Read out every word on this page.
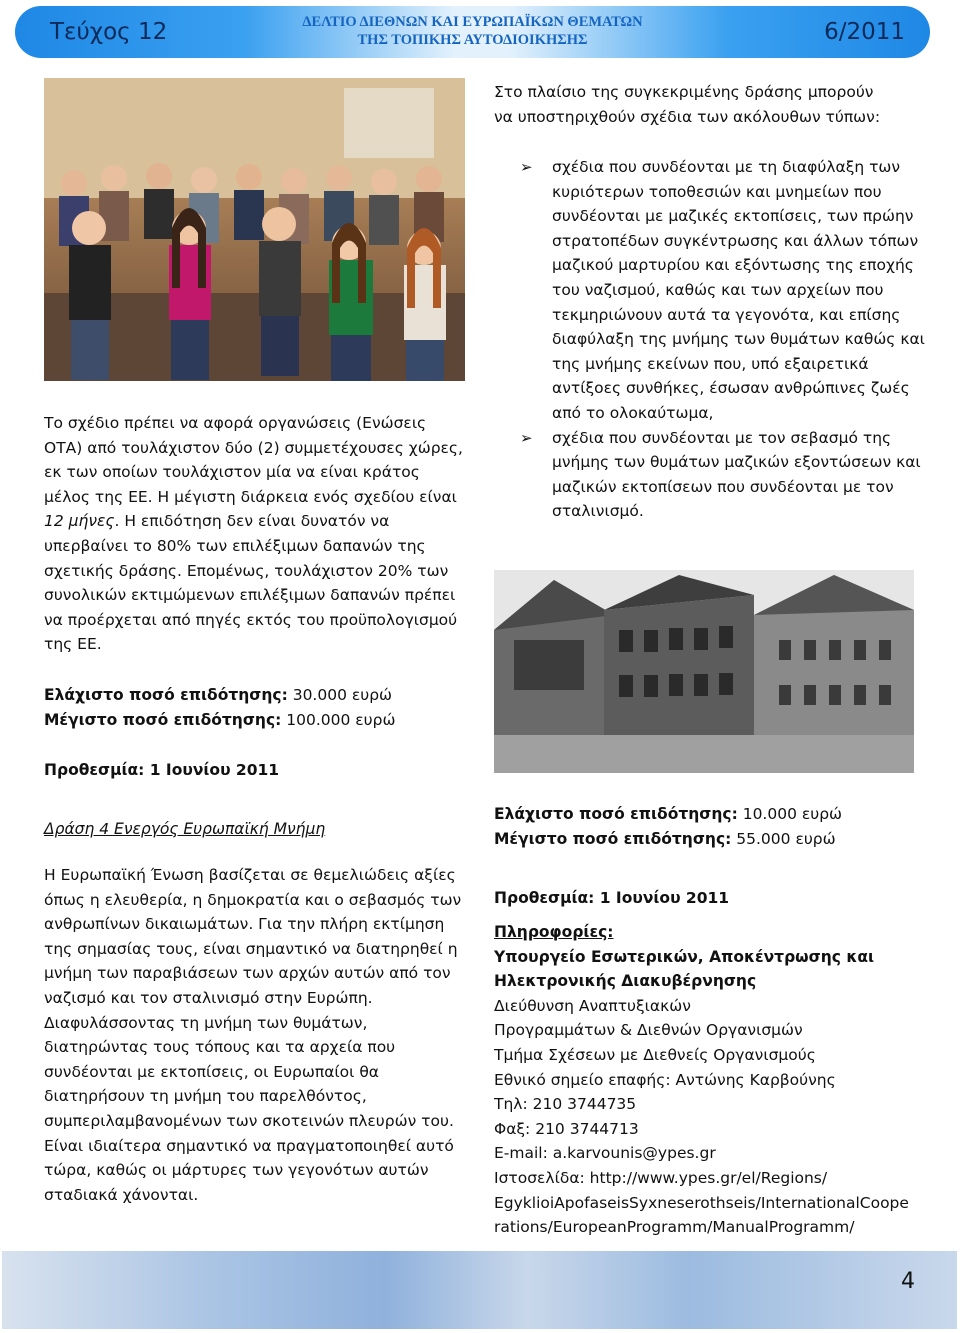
Τεύχος 12	ΔΕΛΤΙΟ ΔΙΕΘΝΩΝ ΚΑΙ ΕΥΡΩΠΑΪΚΩΝ ΘΕΜΑΤΩΝ
ΤΗΣ ΤΟΠΙΚΗΣ ΑΥΤΟΔΙΟΙΚΗΣΗΣ	6/2011

Στο πλαίσιο της συγκεκριμένης δράσης μπορούν

να υποστηριχθούν σχέδια των ακόλουθων τύπων:

➢ σχέδια που συνδέονται με τη διαφύλαξη των κυριότερων τοποθεσιών και μνημείων που συνδέονται με μαζικές εκτοπίσεις, των πρώην στρατοπέδων συγκέντρωσης και άλλων τόπων μαζικού μαρτυρίου και εξόντωσης της εποχής του ναζισμού, καθώς και των αρχείων που τεκμηριώνουν αυτά τα γεγονότα, και επίσης διαφύλαξη της μνήμης των θυμάτων καθώς και της μνήμης εκείνων που, υπό εξαιρετικά αντίξοες συνθήκες, έσωσαν ανθρώπινες ζωές από το ολοκαύτωμα,
➢ σχέδια που συνδέονται με τον σεβασμό της μνήμης των θυμάτων μαζικών εξοντώσεων και μαζικών εκτοπίσεων που συνδέονται με τον σταλινισμό.

Το σχέδιο πρέπει να αφορά οργανώσεις (Ενώσεις ΟΤΑ) από τουλάχιστον δύο (2) συμμετέχουσες χώρες, εκ των οποίων τουλάχιστον μία να είναι κράτος μέλος της ΕΕ. Η μέγιστη διάρκεια ενός σχεδίου είναι 12 μήνες. Η επιδότηση δεν είναι δυνατόν να υπερβαίνει το 80% των επιλέξιμων δαπανών της σχετικής δράσης. Επομένως, τουλάχιστον 20% των συνολικών εκτιμώμενων επιλέξιμων δαπανών πρέπει να προέρχεται από πηγές εκτός του προϋπολογισμού της ΕΕ.

Ελάχιστο ποσό επιδότησης: 30.000 ευρώ

Μέγιστο ποσό επιδότησης: 100.000 ευρώ

Προθεσμία: 1 Ιουνίου 2011

Ελάχιστο ποσό επιδότησης: 10.000 ευρώ

Μέγιστο ποσό επιδότησης: 55.000 ευρώ

Προθεσμία: 1 Ιουνίου 2011
Δράση 4 Ενεργός Ευρωπαϊκή Μνήμη
Η Ευρωπαϊκή Ένωση βασίζεται σε θεμελιώδεις αξίες όπως η ελευθερία, η δημοκρατία και ο σεβασμός των ανθρωπίνων δικαιωμάτων. Για την πλήρη εκτίμηση της σημασίας τους, είναι σημαντικό να διατηρηθεί η μνήμη των παραβιάσεων των αρχών αυτών από τον ναζισμό και τον σταλινισμό στην Ευρώπη. Διαφυλάσσοντας τη μνήμη των θυμάτων, διατηρώντας τους τόπους και τα αρχεία που συνδέονται με εκτοπίσεις, οι Ευρωπαίοι θα διατηρήσουν τη μνήμη του παρελθόντος, συμπεριλαμβανομένων των σκοτεινών πλευρών του. Είναι ιδιαίτερα σημαντικό να πραγματοποιηθεί αυτό τώρα, καθώς οι μάρτυρες των γεγονότων αυτών σταδιακά χάνονται.

Πληροφορίες:

Υπουργείο Εσωτερικών, Αποκέντρωσης και Ηλεκτρονικής Διακυβέρνησης

Διεύθυνση Αναπτυξιακών

Προγραμμάτων & Διεθνών Οργανισμών

Τμήμα Σχέσεων με Διεθνείς Οργανισμούς

Εθνικό σημείο επαφής: Αντώνης Καρβούνης

Τηλ: 210 3744735

Φαξ: 210 3744713

E-mail: a.karvounis@ypes.gr

Ιστοσελίδα: http://www.ypes.gr/el/Regions/

EgyklioiApofaseisSyxneserothseis/InternationalCoope

rations/EuropeanProgramm/ManualProgramm/

4
